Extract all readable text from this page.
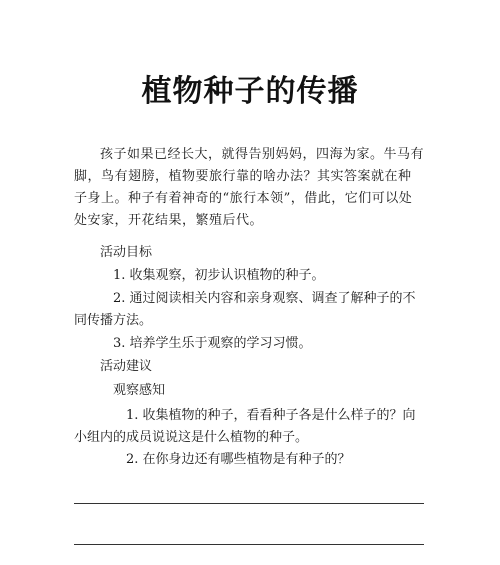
植物种子的传播

孩子如果已经长大，就得告别妈妈，四海为家。牛马有脚，鸟有翅膀，植物要旅行靠的啥办法？其实答案就在种子身上。种子有着神奇的“旅行本领”，借此，它们可以处处安家，开花结果，繁殖后代。

活动目标

1. 收集观察，初步认识植物的种子。

2. 通过阅读相关内容和亲身观察、调查了解种子的不同传播方法。

3. 培养学生乐于观察的学习习惯。

活动建议

观察感知

1. 收集植物的种子，看看种子各是什么样子的？向小组内的成员说说这是什么植物的种子。

2. 在你身边还有哪些植物是有种子的？
